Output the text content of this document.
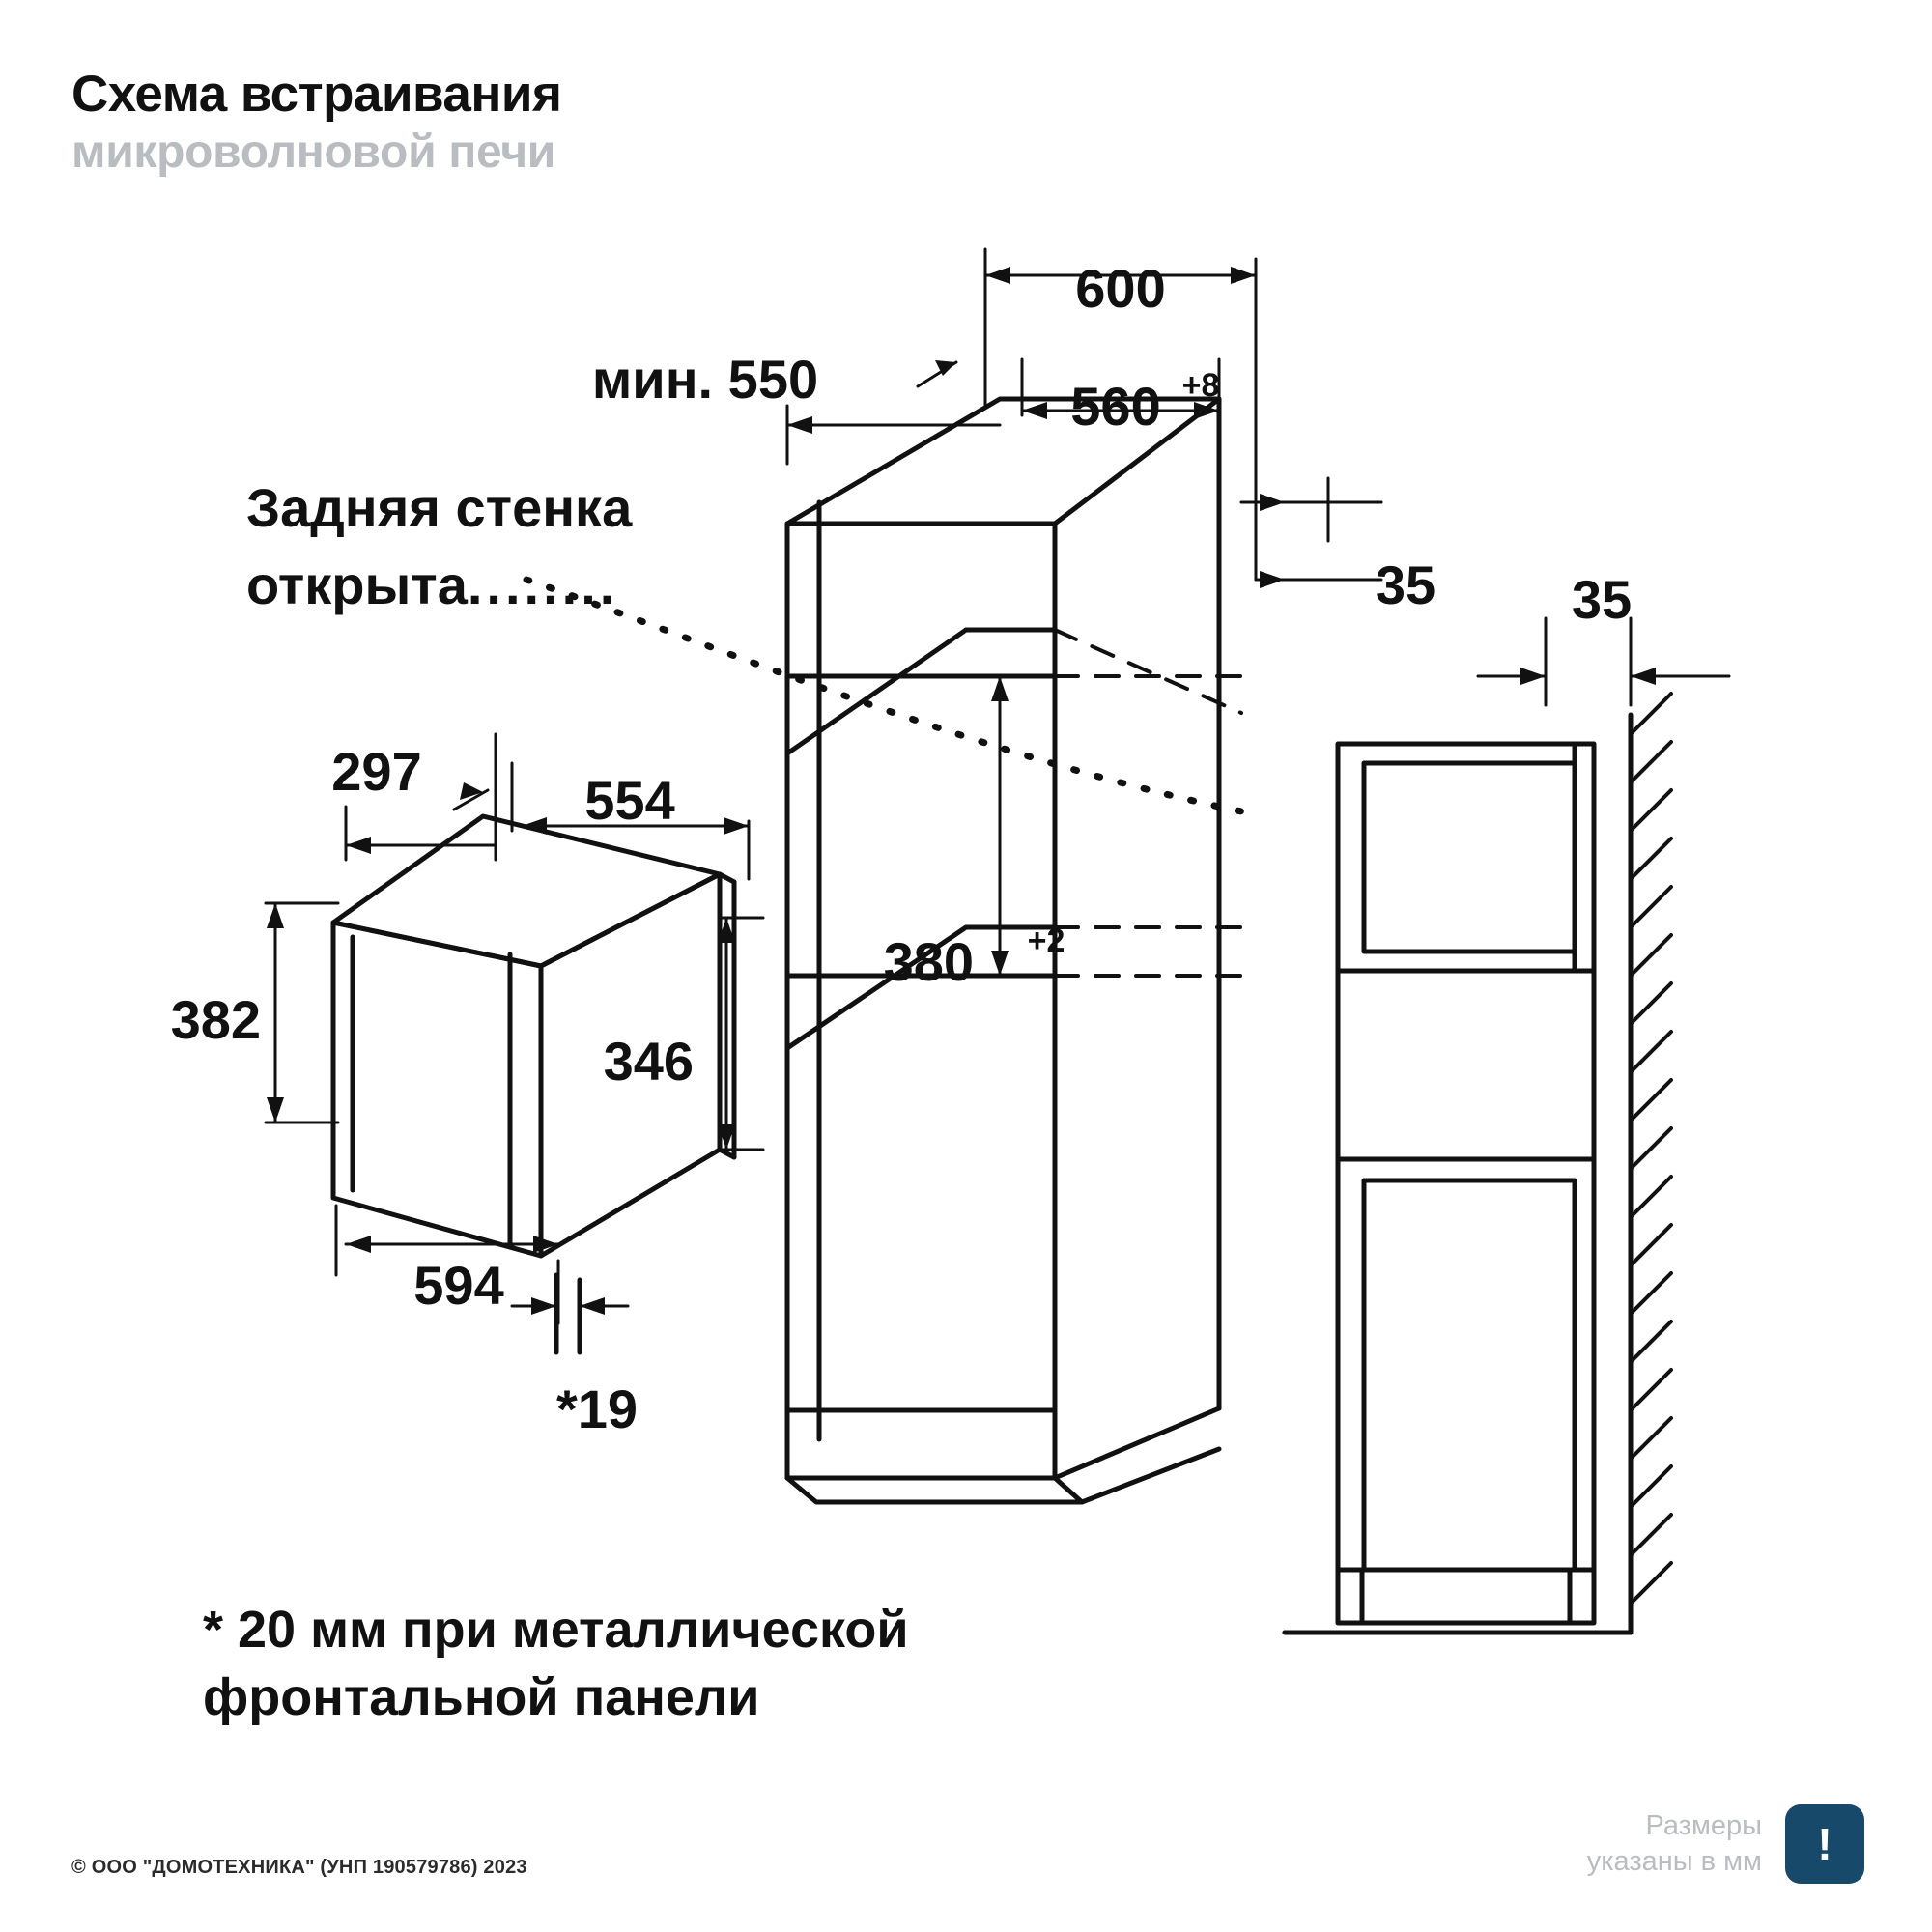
Схема встраивания
микроволновой печи
600
мин. 550	560 +8
35	35
Задняя стенка
открыта........
297	554
382
346
594
*19
380 +2
* 20 мм при металлической
фронтальной панели
© ООО "ДОМОТЕХНИКА" (УНП 190579786) 2023
Размеры
указаны в мм	!
